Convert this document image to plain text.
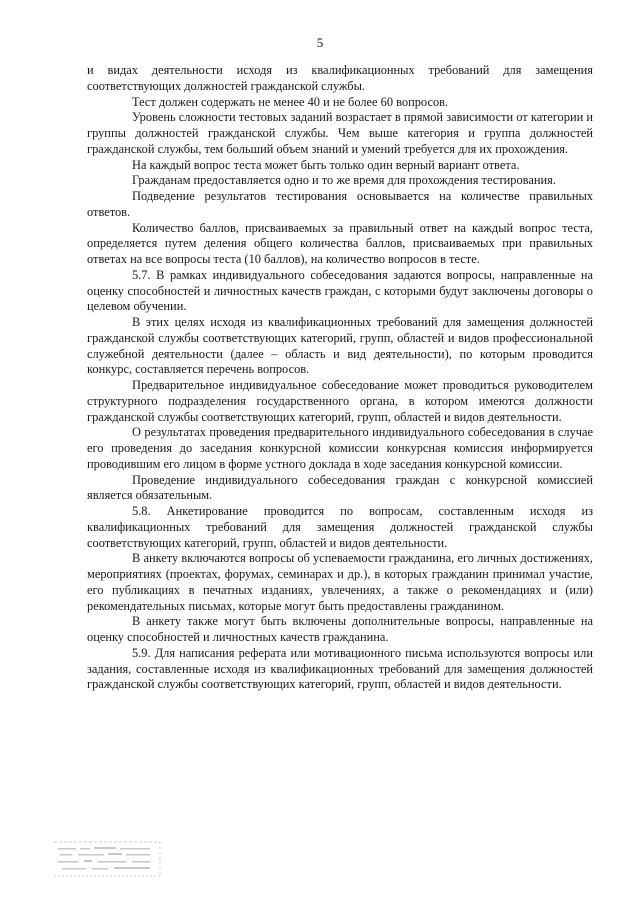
5

и видах деятельности исходя из квалификационных требований для замещения соответствующих должностей гражданской службы.

Тест должен содержать не менее 40 и не более 60 вопросов.

Уровень сложности тестовых заданий возрастает в прямой зависимости от категории и группы должностей гражданской службы. Чем выше категория и группа должностей гражданской службы, тем больший объем знаний и умений требуется для их прохождения.

На каждый вопрос теста может быть только один верный вариант ответа.

Гражданам предоставляется одно и то же время для прохождения тестирования.

Подведение результатов тестирования основывается на количестве правильных ответов.

Количество баллов, присваиваемых за правильный ответ на каждый вопрос теста, определяется путем деления общего количества баллов, присваиваемых при правильных ответах на все вопросы теста (10 баллов), на количество вопросов в тесте.

5.7. В рамках индивидуального собеседования задаются вопросы, направленные на оценку способностей и личностных качеств граждан, с которыми будут заключены договоры о целевом обучении.

В этих целях исходя из квалификационных требований для замещения должностей гражданской службы соответствующих категорий, групп, областей и видов профессиональной служебной деятельности (далее – область и вид деятельности), по которым проводится конкурс, составляется перечень вопросов.

Предварительное индивидуальное собеседование может проводиться руководителем структурного подразделения государственного органа, в котором имеются должности гражданской службы соответствующих категорий, групп, областей и видов деятельности.

О результатах проведения предварительного индивидуального собеседования в случае его проведения до заседания конкурсной комиссии конкурсная комиссия информируется проводившим его лицом в форме устного доклада в ходе заседания конкурсной комиссии.

Проведение индивидуального собеседования граждан с конкурсной комиссией является обязательным.

5.8. Анкетирование проводится по вопросам, составленным исходя из квалификационных требований для замещения должностей гражданской службы соответствующих категорий, групп, областей и видов деятельности.

В анкету включаются вопросы об успеваемости гражданина, его личных достижениях, мероприятиях (проектах, форумах, семинарах и др.), в которых гражданин принимал участие, его публикациях в печатных изданиях, увлечениях, а также о рекомендациях и (или) рекомендательных письмах, которые могут быть предоставлены гражданином.

В анкету также могут быть включены дополнительные вопросы, направленные на оценку способностей и личностных качеств гражданина.

5.9. Для написания реферата или мотивационного письма используются вопросы или задания, составленные исходя из квалификационных требований для замещения должностей гражданской службы соответствующих категорий, групп, областей и видов деятельности.
